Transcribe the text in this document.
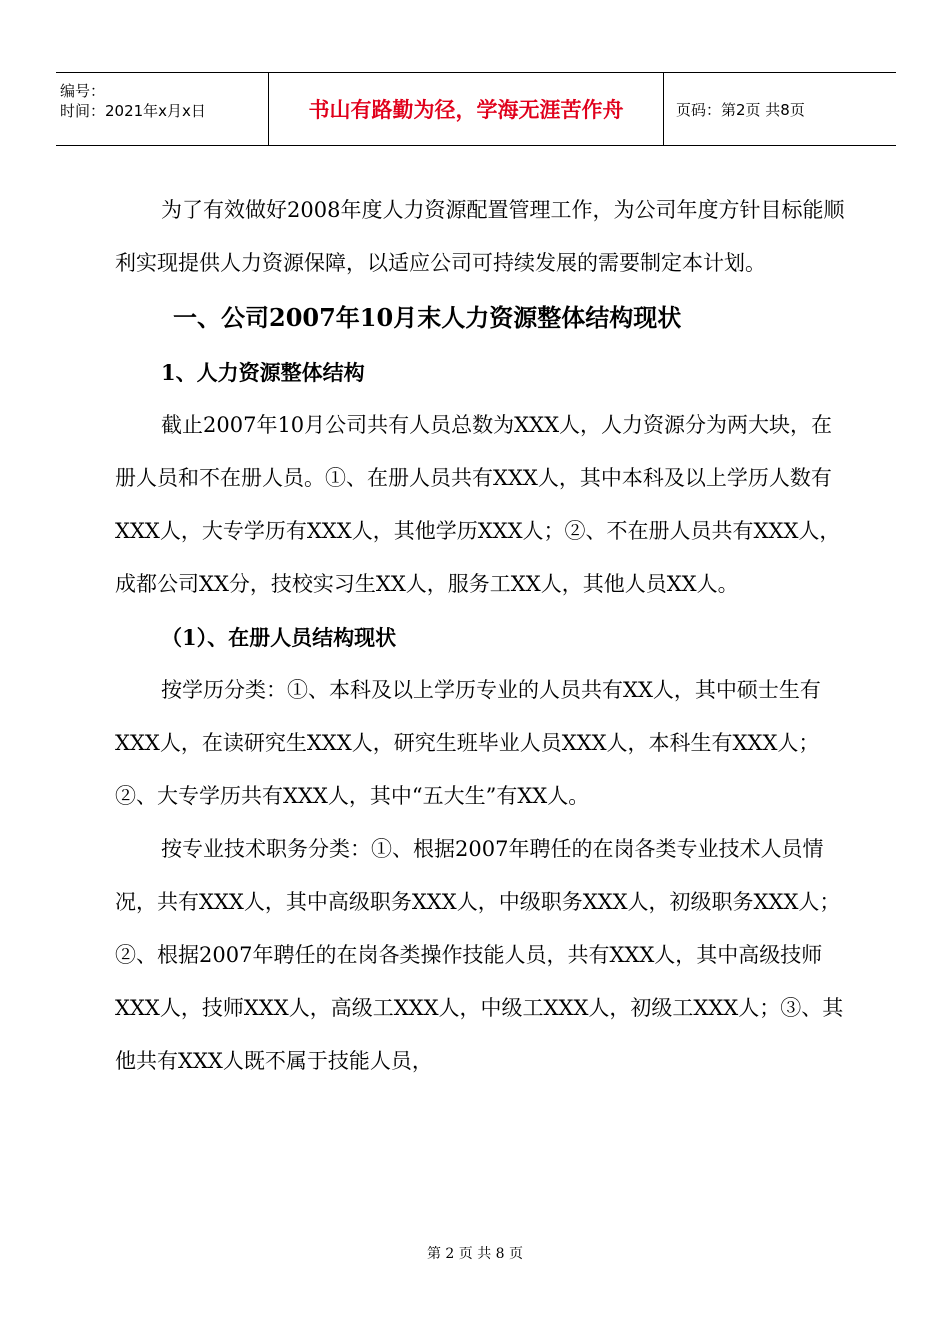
编号：
时间：2021年x月x日	书山有路勤为径，学海无涯苦作舟	页码：第2页 共8页

为了有效做好2008年度人力资源配置管理工作，为公司年度方针目标能顺利实现提供人力资源保障，以适应公司可持续发展的需要制定本计划。

一、公司2007年10月末人力资源整体结构现状

1、人力资源整体结构

截止2007年10月公司共有人员总数为XXX人，人力资源分为两大块，在册人员和不在册人员。①、在册人员共有XXX人，其中本科及以上学历人数有XXX人，大专学历有XXX人，其他学历XXX人；②、不在册人员共有XXX人，成都公司XX分，技校实习生XX人，服务工XX人，其他人员XX人。

（1）、在册人员结构现状

按学历分类：①、本科及以上学历专业的人员共有XX人，其中硕士生有XXX人，在读研究生XXX人，研究生班毕业人员XXX人，本科生有XXX人；②、大专学历共有XXX人，其中“五大生”有XX人。

按专业技术职务分类：①、根据2007年聘任的在岗各类专业技术人员情况，共有XXX人，其中高级职务XXX人，中级职务XXX人，初级职务XXX人；②、根据2007年聘任的在岗各类操作技能人员，共有XXX人，其中高级技师XXX人，技师XXX人，高级工XXX人，中级工XXX人，初级工XXX人；③、其他共有XXX人既不属于技能人员，

第 2 页 共 8 页
